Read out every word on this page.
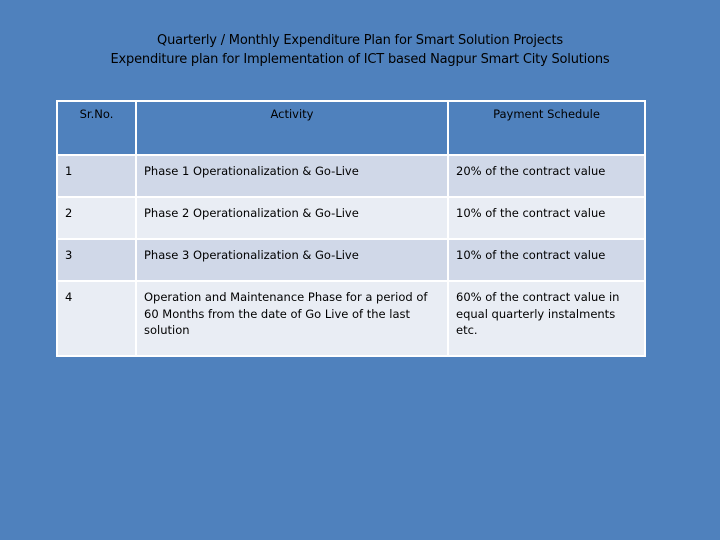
Quarterly / Monthly Expenditure Plan for Smart Solution Projects

Expenditure plan for Implementation of ICT based Nagpur Smart City Solutions

Sr.No.	Activity	Payment Schedule
1	Phase 1 Operationalization & Go-Live	20% of the contract value
2	Phase 2 Operationalization & Go-Live	10% of the contract value
3	Phase 3 Operationalization & Go-Live	10% of the contract value
4	Operation and Maintenance Phase for a period of 60 Months from the date of Go Live of the last solution	60% of the contract value in equal quarterly instalments etc.
